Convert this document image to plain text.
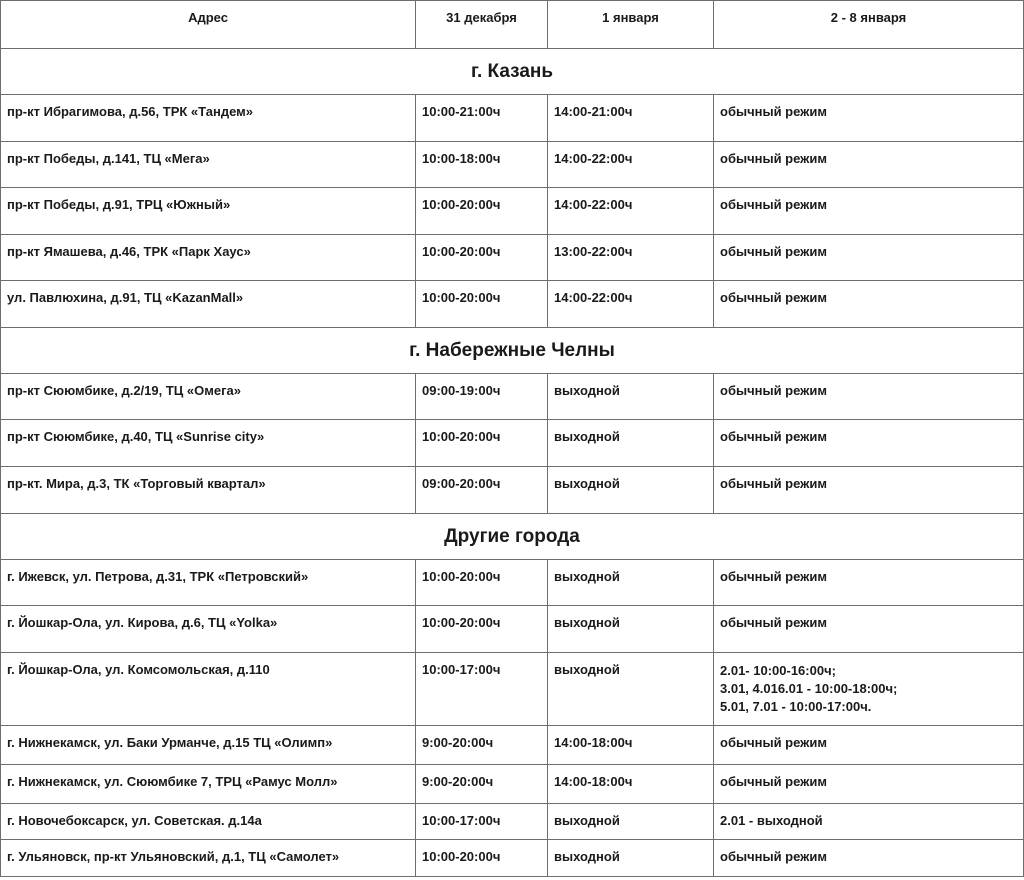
Адрес	31 декабря	1 января	2 - 8 января
г. Казань			
пр-кт Ибрагимова, д.56, ТРК «Тандем»	10:00-21:00ч	14:00-21:00ч	обычный режим
пр-кт Победы, д.141, ТЦ «Мега»	10:00-18:00ч	14:00-22:00ч	обычный режим
пр-кт Победы, д.91, ТРЦ «Южный»	10:00-20:00ч	14:00-22:00ч	обычный режим
пр-кт Ямашева, д.46, ТРК «Парк Хаус»	10:00-20:00ч	13:00-22:00ч	обычный режим
ул. Павлюхина, д.91, ТЦ «KazanMall»	10:00-20:00ч	14:00-22:00ч	обычный режим
г. Набережные Челны			
пр-кт Сююмбике, д.2/19, ТЦ «Омега»	09:00-19:00ч	выходной	обычный режим
пр-кт Сююмбике, д.40, ТЦ «Sunrise city»	10:00-20:00ч	выходной	обычный режим
пр-кт. Мира, д.3, ТК «Торговый квартал»	09:00-20:00ч	выходной	обычный режим
Другие города			
г. Ижевск, ул. Петрова, д.31, ТРК «Петровский»	10:00-20:00ч	выходной	обычный режим
г. Йошкар-Ола, ул. Кирова, д.6, ТЦ «Yolka»	10:00-20:00ч	выходной	обычный режим
г. Йошкар-Ола, ул. Комсомольская, д.110	10:00-17:00ч	выходной	2.01- 10:00-16:00ч;
3.01, 4.016.01 - 10:00-18:00ч;
5.01, 7.01 - 10:00-17:00ч.
г. Нижнекамск, ул. Баки Урманче, д.15 ТЦ «Олимп»	9:00-20:00ч	14:00-18:00ч	обычный режим
г. Нижнекамск, ул. Сююмбике 7, ТРЦ «Рамус Молл»	9:00-20:00ч	14:00-18:00ч	обычный режим
г. Новочебоксарск, ул. Советская. д.14а	10:00-17:00ч	выходной	2.01 - выходной
г. Ульяновск, пр-кт Ульяновский, д.1, ТЦ «Самолет»	10:00-20:00ч	выходной	обычный режим
